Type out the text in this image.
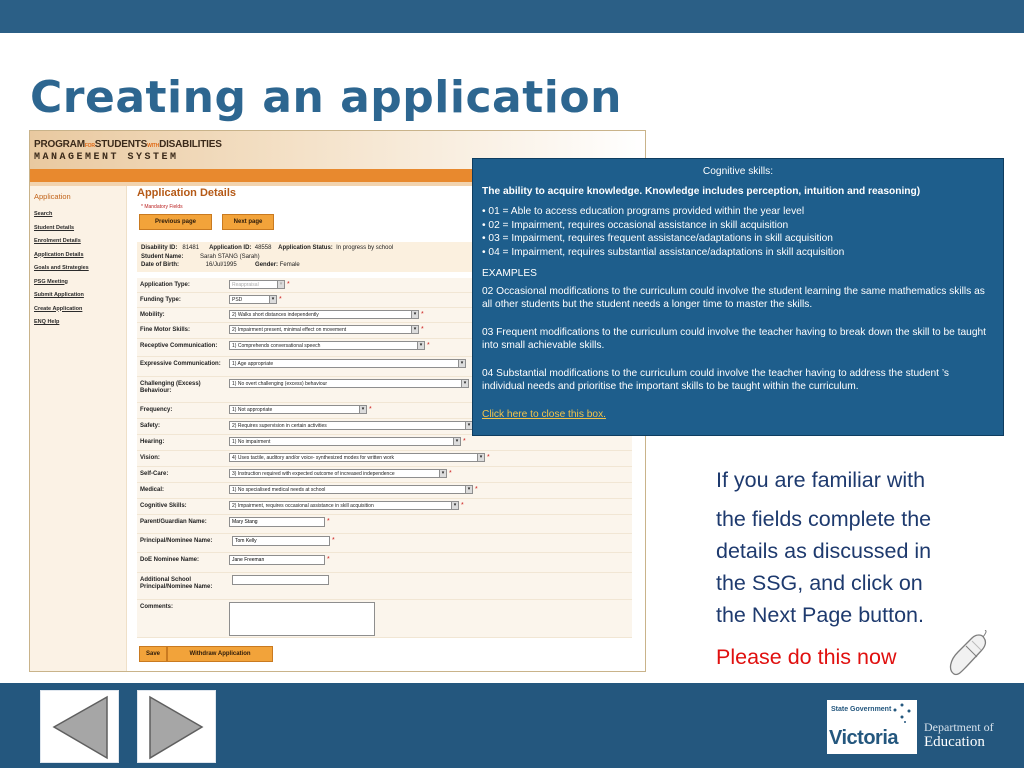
Creating an application
PROGRAMFORSTUDENTSWITHDISABILITIES
MANAGEMENT SYSTEM
Application
Search
Student Details
Enrolment Details
Application Details
Goals and Strategies
PSG Meeting
Submit Application
Create Application
ENQ Help
Application Details
* Mandatory Fields
Previous page	Next page
Disability ID: 81481 Application ID: 48558 Application Status: In progress by school
Student Name:	Sarah STANG (Sarah)
Date of Birth:	16/Jul/1995	Gender: Female
Application Type:	Reappraisal	▾ *
Funding Type:	PSD	▾ *
Mobility:	2) Walks short distances independently	▾ *
Fine Motor Skills:	2) Impairment present, minimal effect on movement	▾ *
Receptive Communication:	1) Comprehends conversational speech	▾ *
Expressive Communication:	1) Age appropriate	▾
Challenging (Excess) Behaviour:
1) No overt challenging (excess) behaviour	▾
Frequency:	1) Not appropriate	▾ *
Safety:	2) Requires supervision in certain activities	▾
Hearing:	1) No impairment	▾ *
Vision:	4) Uses tactile, auditory and/or voice- synthesized modes for written work	▾ *
Self-Care:	3) Instruction required with expected outcome of increased independence	▾ *
Medical:	1) No specialised medical needs at school	▾ *
Cognitive Skills:	2) Impairment, requires occasional assistance in skill acquisition	▾ *
Parent/Guardian Name:	Mary Stang	*
Principal/Nominee Name:	Tom Kelly	*
DoE Nominee Name:	Jane Freeman	*
Additional School Principal/Nominee Name:
Comments:
Save	Withdraw Application
Cognitive skills:
The ability to acquire knowledge. Knowledge includes perception, intuition and reasoning)
• 01 = Able to access education programs provided within the year level
• 02 = Impairment, requires occasional assistance in skill acquisition
• 03 = Impairment, requires frequent assistance/adaptations in skill acquisition
• 04 = Impairment, requires substantial assistance/adaptations in skill acquisition
EXAMPLES
02 Occasional modifications to the curriculum could involve the student learning the same mathematics skills as all other students but the student needs a longer time to master the skills.
03 Frequent modifications to the curriculum could involve the teacher having to break down the skill to be taught into small achievable skills.
04 Substantial modifications to the curriculum could involve the teacher having to address the student ’s individual needs and prioritise the important skills to be taught within the curriculum.
Click here to close this box.
If you are familiar with
the fields complete the
details as discussed in
the SSG, and click on
the Next Page button.
Please do this now
State Government
Victoria Department of
Education
